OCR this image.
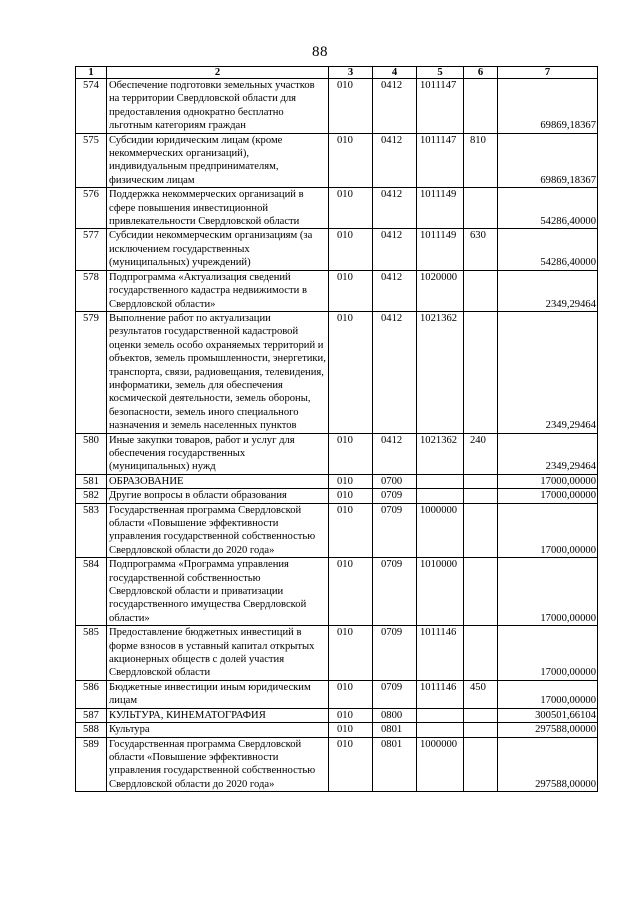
88
1	2	3	4	5	6	7
574	Обеспечение подготовки земельных участков на территории Свердловской области для предоставления однократно бесплатно льготным категориям граждан	010	0412	1011147		69869,18367
575	Субсидии юридическим лицам (кроме некоммерческих организаций), индивидуальным предпринимателям, физическим лицам	010	0412	1011147	810	69869,18367
576	Поддержка некоммерческих организаций в сфере повышения инвестиционной привлекательности Свердловской области	010	0412	1011149		54286,40000
577	Субсидии некоммерческим организациям (за исключением государственных (муниципальных) учреждений)	010	0412	1011149	630	54286,40000
578	Подпрограмма «Актуализация сведений государственного кадастра недвижимости в Свердловской области»	010	0412	1020000		2349,29464
579	Выполнение работ по актуализации результатов государственной кадастровой оценки земель особо охраняемых территорий и объектов, земель промышленности, энергетики, транспорта, связи, радиовещания, телевидения, информатики, земель для обеспечения космической деятельности, земель обороны, безопасности, земель иного специального назначения и земель населенных пунктов	010	0412	1021362		2349,29464
580	Иные закупки товаров, работ и услуг для обеспечения государственных (муниципальных) нужд	010	0412	1021362	240	2349,29464
581	ОБРАЗОВАНИЕ	010	0700			17000,00000
582	Другие вопросы в области образования	010	0709			17000,00000
583	Государственная программа Свердловской области «Повышение эффективности управления государственной собственностью Свердловской области до 2020 года»	010	0709	1000000		17000,00000
584	Подпрограмма «Программа управления государственной собственностью Свердловской области и приватизации государственного имущества Свердловской области»	010	0709	1010000		17000,00000
585	Предоставление бюджетных инвестиций в форме взносов в уставный капитал открытых акционерных обществ с долей участия Свердловской области	010	0709	1011146		17000,00000
586	Бюджетные инвестиции иным юридическим лицам	010	0709	1011146	450	17000,00000
587	КУЛЬТУРА, КИНЕМАТОГРАФИЯ	010	0800			300501,66104
588	Культура	010	0801			297588,00000
589	Государственная программа Свердловской области «Повышение эффективности управления государственной собственностью Свердловской области до 2020 года»	010	0801	1000000		297588,00000
